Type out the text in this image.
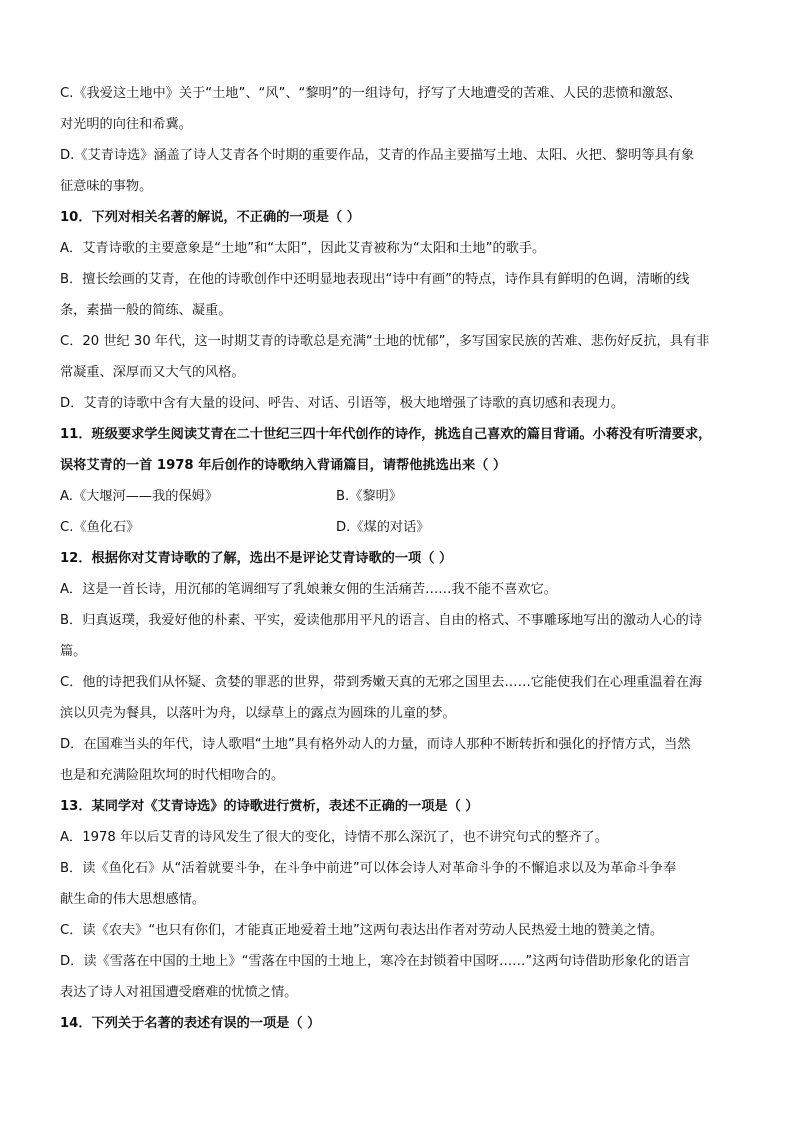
C.《我爱这土地中》关于“土地”、“风”、“黎明”的一组诗句，抒写了大地遭受的苦难、人民的悲愤和激怒、
对光明的向往和希冀。
D.《艾青诗选》涵盖了诗人艾青各个时期的重要作品，艾青的作品主要描写土地、太阳、火把、黎明等具有象
征意味的事物。
10．下列对相关名著的解说，不正确的一项是（ ）
A．艾青诗歌的主要意象是“土地”和“太阳”，因此艾青被称为“太阳和土地”的歌手。
B．擅长绘画的艾青，在他的诗歌创作中还明显地表现出“诗中有画”的特点，诗作具有鲜明的色调，清晰的线
条，素描一般的简练、凝重。
C．20 世纪 30 年代，这一时期艾青的诗歌总是充满“土地的忧郁”，多写国家民族的苦难、悲伤好反抗，具有非
常凝重、深厚而又大气的风格。
D．艾青的诗歌中含有大量的设问、呼告、对话、引语等，极大地增强了诗歌的真切感和表现力。
11．班级要求学生阅读艾青在二十世纪三四十年代创作的诗作，挑选自己喜欢的篇目背诵。小蒋没有听清要求，
误将艾青的一首 1978 年后创作的诗歌纳入背诵篇目，请帮他挑选出来（ ）
A.《大堰河——我的保姆》	B.《黎明》
C.《鱼化石》	D.《煤的对话》
12．根据你对艾青诗歌的了解，选出不是评论艾青诗歌的一项（ ）
A．这是一首长诗，用沉郁的笔调细写了乳娘兼女佣的生活痛苦……我不能不喜欢它。
B．归真返璞，我爱好他的朴素、平实，爱读他那用平凡的语言、自由的格式、不事雕琢地写出的激动人心的诗
篇。
C．他的诗把我们从怀疑、贪婪的罪恶的世界，带到秀嫩天真的无邪之国里去……它能使我们在心理重温着在海
滨以贝壳为餐具，以落叶为舟，以绿草上的露点为圆珠的儿童的梦。
D．在国难当头的年代，诗人歌唱“土地”具有格外动人的力量，而诗人那种不断转折和强化的抒情方式，当然
也是和充满险阻坎坷的时代相吻合的。
13．某同学对《艾青诗选》的诗歌进行赏析，表述不正确的一项是（ ）
A．1978 年以后艾青的诗风发生了很大的变化，诗情不那么深沉了，也不讲究句式的整齐了。
B．读《鱼化石》从“活着就要斗争，在斗争中前进”可以体会诗人对革命斗争的不懈追求以及为革命斗争奉
献生命的伟大思想感情。
C．读《农夫》“也只有你们，才能真正地爱着土地”这两句表达出作者对劳动人民热爱土地的赞美之情。
D．读《雪落在中国的土地上》“雪落在中国的土地上，寒冷在封锁着中国呀……”这两句诗借助形象化的语言
表达了诗人对祖国遭受磨难的忧愤之情。
14．下列关于名著的表述有误的一项是（ ）
